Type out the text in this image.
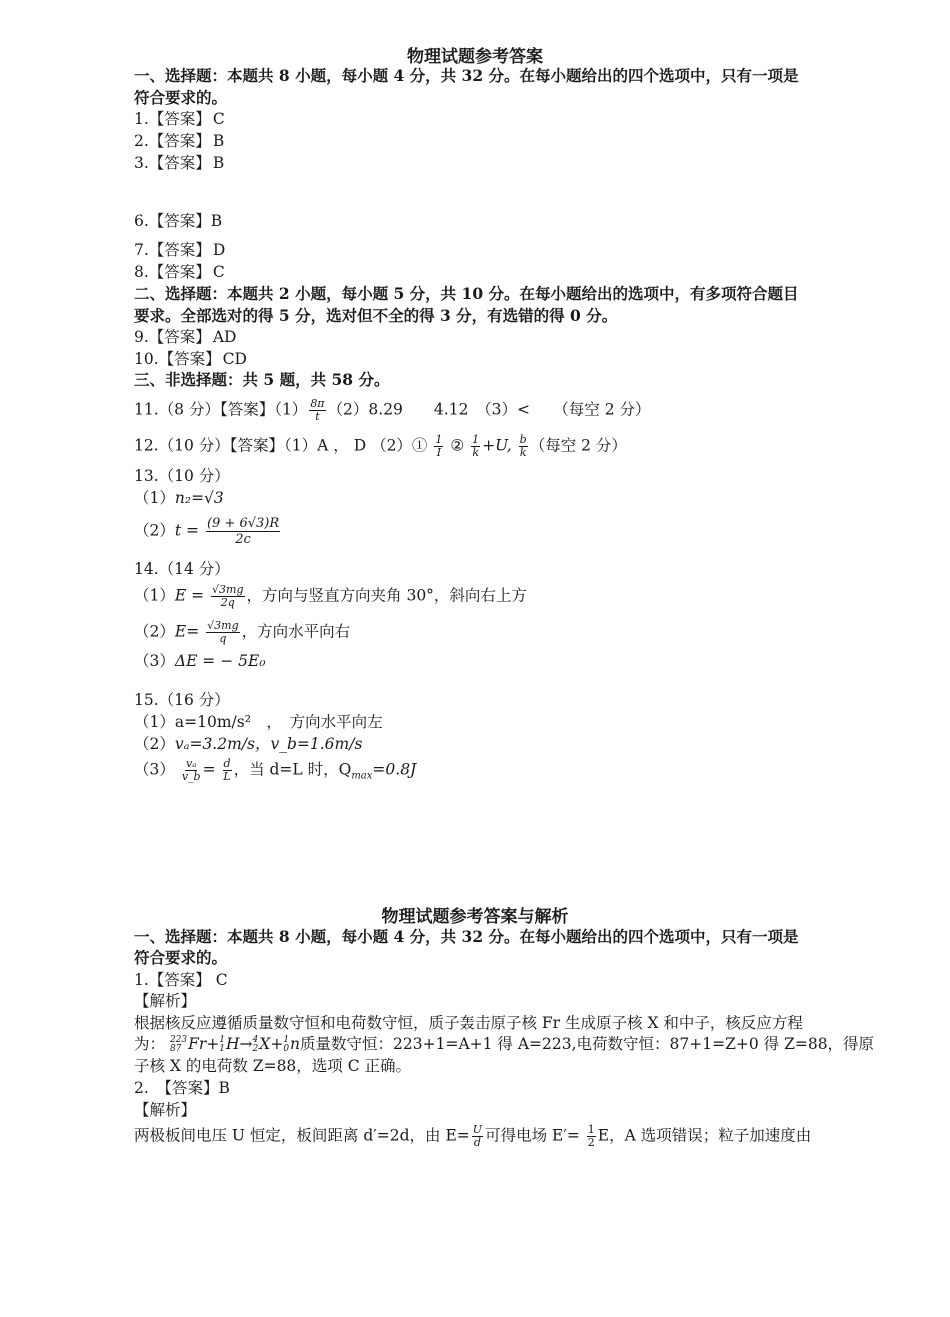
物理试题参考答案
一、选择题：本题共 8 小题，每小题 4 分，共 32 分。在每小题给出的四个选项中，只有一项是
符合要求的。
1.【答案】 C
2.【答案】 B
3.【答案】 B
6.【答案】B
7.【答案】 D
8.【答案】 C
二、选择题：本题共 2 小题，每小题 5 分，共 10 分。在每小题给出的选项中，有多项符合题目
要求。全部选对的得 5 分，选对但不全的得 3 分，有选错的得 0 分。
9.【答案】 AD
10.【答案】 CD
三、非选择题：共 5 题，共 58 分。
11.（8 分）【答案】$(1) \frac{8\pi}{t} (2)8.29$　　4.12　（3）<　　（每空 2 分）
12.（10 分）【答案】（1）A ， D （2）① $\frac{1}{I}$ ② $\frac{1}{k} +U$, $\frac{b}{k}$ （每空 2 分）
13.（10 分）
（1）n₂=√3
$(2)t = \frac{(9 + 6√3)R}{2c}$
14.（14 分）
$(1)E = \frac{√3mg}{2q}$ ，方向与竖直方向夹角 30°，斜向右上方
$(2)E= \frac{√3mg}{q}$ ，方向水平向右
（3）ΔE = − 5E₀
15.（16 分）
（1）a=10m/s²　，　方向水平向左
（2）vₐ=3.2m/s，v_b=1.6m/s
$(3) \frac{\text{vₐ}}{v\_b} = \frac{d}{L}$ ，当 d=L 时，$Q_{max}=0.8J$
物理试题参考答案与解析
一、选择题：本题共 8 小题，每小题 4 分，共 32 分。在每小题给出的四个选项中，只有一项是
符合要求的。
1.【答案】 C
【解析】
根据核反应遵循质量数守恒和电荷数守恒，质子轰击原子核 Fr 生成原子核 X 和中子，核反应方程
为： 223
87 Fr+ 1
1 H→ 4
2 X+ 1
0 n质量数守恒：223+1=A+1 得 A=223,电荷数守恒：87+1=Z+0 得 Z=88，得原
子核 X 的电荷数 Z=88，选项 C 正确。
2.　【答案】B
【解析】
两极板间电压 U 恒定，板间距离 d′=2d，由 $E= \frac{U}{d}$ 可得电场 $E'= \frac{1}{2}$ E，A 选项错误；粒子加速度由
